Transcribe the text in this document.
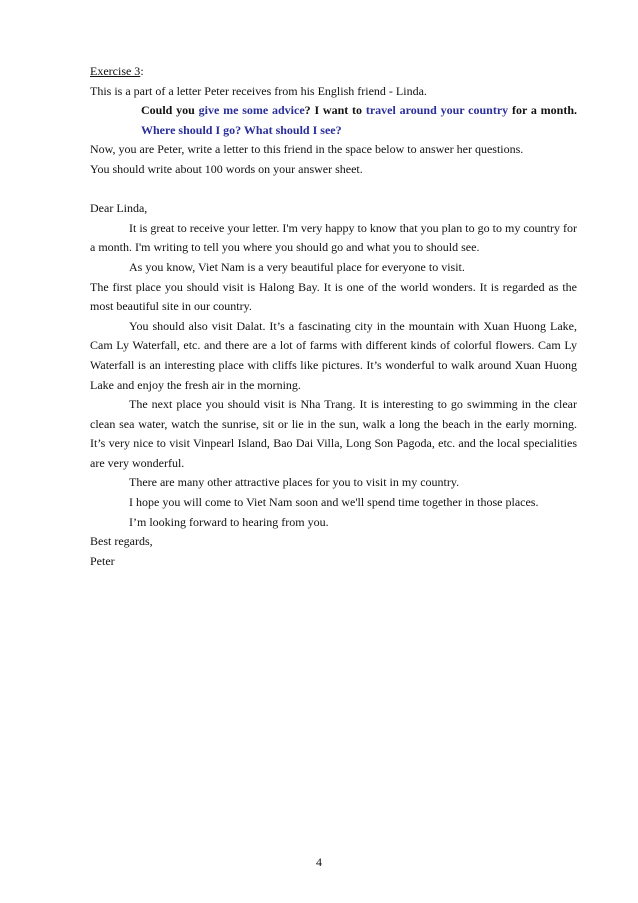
Exercise 3:

This is a part of a letter Peter receives from his English friend - Linda.

Could you give me some advice? I want to travel around your country for a month. Where should I go? What should I see?

Now, you are Peter, write a letter to this friend in the space below to answer her questions.

You should write about 100 words on your answer sheet.

Dear Linda,

It is great to receive your letter. I'm very happy to know that you plan to go to my country for a month. I'm writing to tell you where you should go and what you to should see.

As you know, Viet Nam is a very beautiful place for everyone to visit.

The first place you should visit is Halong Bay. It is one of the world wonders. It is regarded as the most beautiful site in our country.

You should also visit Dalat. It’s a fascinating city in the mountain with Xuan Huong Lake, Cam Ly Waterfall, etc. and there are a lot of farms with different kinds of colorful flowers. Cam Ly Waterfall is an interesting place with cliffs like pictures. It’s wonderful to walk around Xuan Huong Lake and enjoy the fresh air in the morning.

The next place you should visit is Nha Trang. It is interesting to go swimming in the clear clean sea water, watch the sunrise, sit or lie in the sun, walk a long the beach in the early morning. It’s very nice to visit Vinpearl Island, Bao Dai Villa, Long Son Pagoda, etc. and the local specialities are very wonderful.

There are many other attractive places for you to visit in my country.

I hope you will come to Viet Nam soon and we'll spend time together in those places.

I’m looking forward to hearing from you.

Best regards,

Peter

4
